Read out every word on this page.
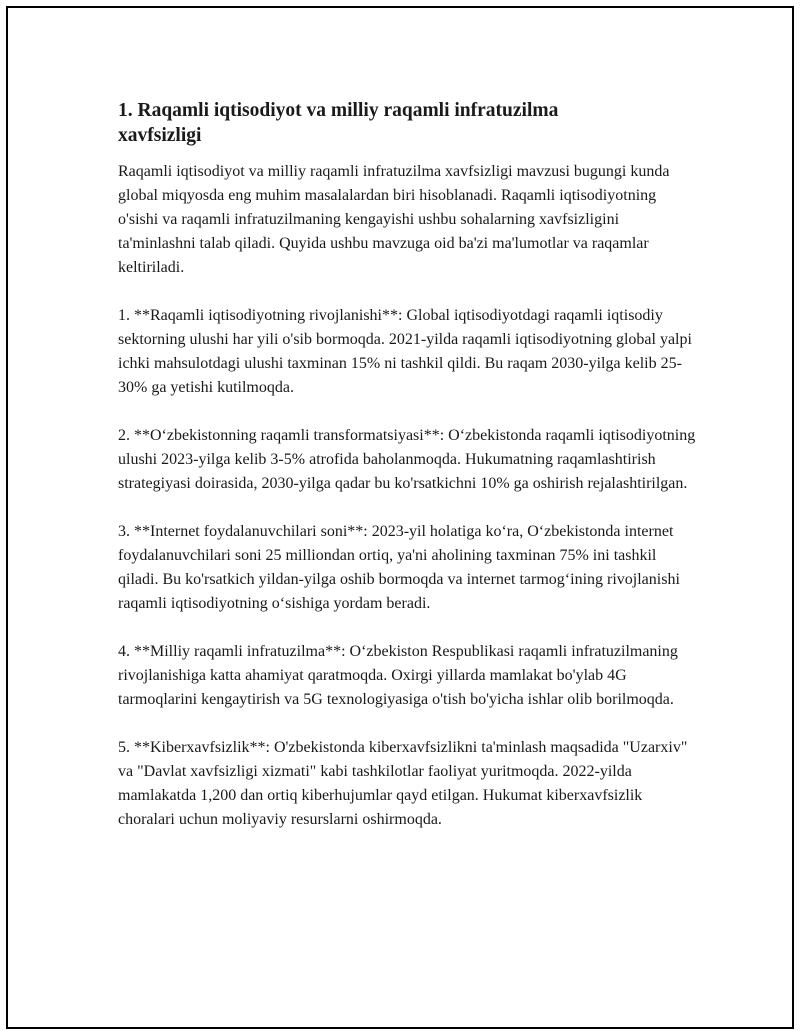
1. Raqamli iqtisodiyot va milliy raqamli infratuzilma xavfsizligi

Raqamli iqtisodiyot va milliy raqamli infratuzilma xavfsizligi mavzusi bugungi kunda global miqyosda eng muhim masalalardan biri hisoblanadi. Raqamli iqtisodiyotning o'sishi va raqamli infratuzilmaning kengayishi ushbu sohalarning xavfsizligini ta'minlashni talab qiladi. Quyida ushbu mavzuga oid ba'zi ma'lumotlar va raqamlar keltiriladi.

1. **Raqamli iqtisodiyotning rivojlanishi**: Global iqtisodiyotdagi raqamli iqtisodiy sektorning ulushi har yili o'sib bormoqda. 2021-yilda raqamli iqtisodiyotning global yalpi ichki mahsulotdagi ulushi taxminan 15% ni tashkil qildi. Bu raqam 2030-yilga kelib 25-30% ga yetishi kutilmoqda.

2. **O‘zbekistonning raqamli transformatsiyasi**: O‘zbekistonda raqamli iqtisodiyotning ulushi 2023-yilga kelib 3-5% atrofida baholanmoqda. Hukumatning raqamlashtirish strategiyasi doirasida, 2030-yilga qadar bu ko'rsatkichni 10% ga oshirish rejalashtirilgan.

3. **Internet foydalanuvchilari soni**: 2023-yil holatiga ko‘ra, O‘zbekistonda internet foydalanuvchilari soni 25 milliondan ortiq, ya'ni aholining taxminan 75% ini tashkil qiladi. Bu ko'rsatkich yildan-yilga oshib bormoqda va internet tarmog‘ining rivojlanishi raqamli iqtisodiyotning o‘sishiga yordam beradi.

4. **Milliy raqamli infratuzilma**: O‘zbekiston Respublikasi raqamli infratuzilmaning rivojlanishiga katta ahamiyat qaratmoqda. Oxirgi yillarda mamlakat bo'ylab 4G tarmoqlarini kengaytirish va 5G texnologiyasiga o'tish bo'yicha ishlar olib borilmoqda.

5. **Kiberxavfsizlik**: O'zbekistonda kiberxavfsizlikni ta'minlash maqsadida "Uzarxiv" va "Davlat xavfsizligi xizmati" kabi tashkilotlar faoliyat yuritmoqda. 2022-yilda mamlakatda 1,200 dan ortiq kiberhujumlar qayd etilgan. Hukumat kiberxavfsizlik choralari uchun moliyaviy resurslarni oshirmoqda.
